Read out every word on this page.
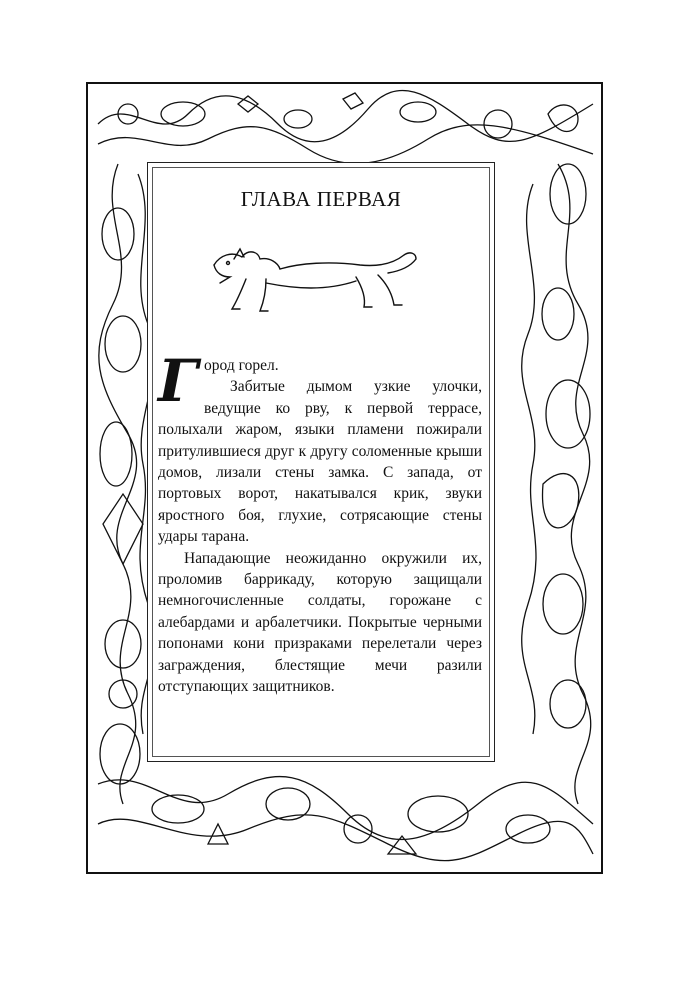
ГЛАВА ПЕРВАЯ

Город горел.

Забитые дымом узкие улочки, ведущие ко рву, к первой террасе, полыхали жаром, языки пламени пожирали притулившиеся друг к другу соломенные крыши домов, лизали стены замка. С запада, от портовых ворот, накатывался крик, звуки яростного боя, глухие, сотрясающие стены удары тарана.

Нападающие неожиданно окружили их, проломив баррикаду, которую защищали немногочисленные солдаты, горожане с алебардами и арбалетчики. Покрытые черными попонами кони призраками перелетали через заграждения, блестящие мечи разили отступающих защитников.
